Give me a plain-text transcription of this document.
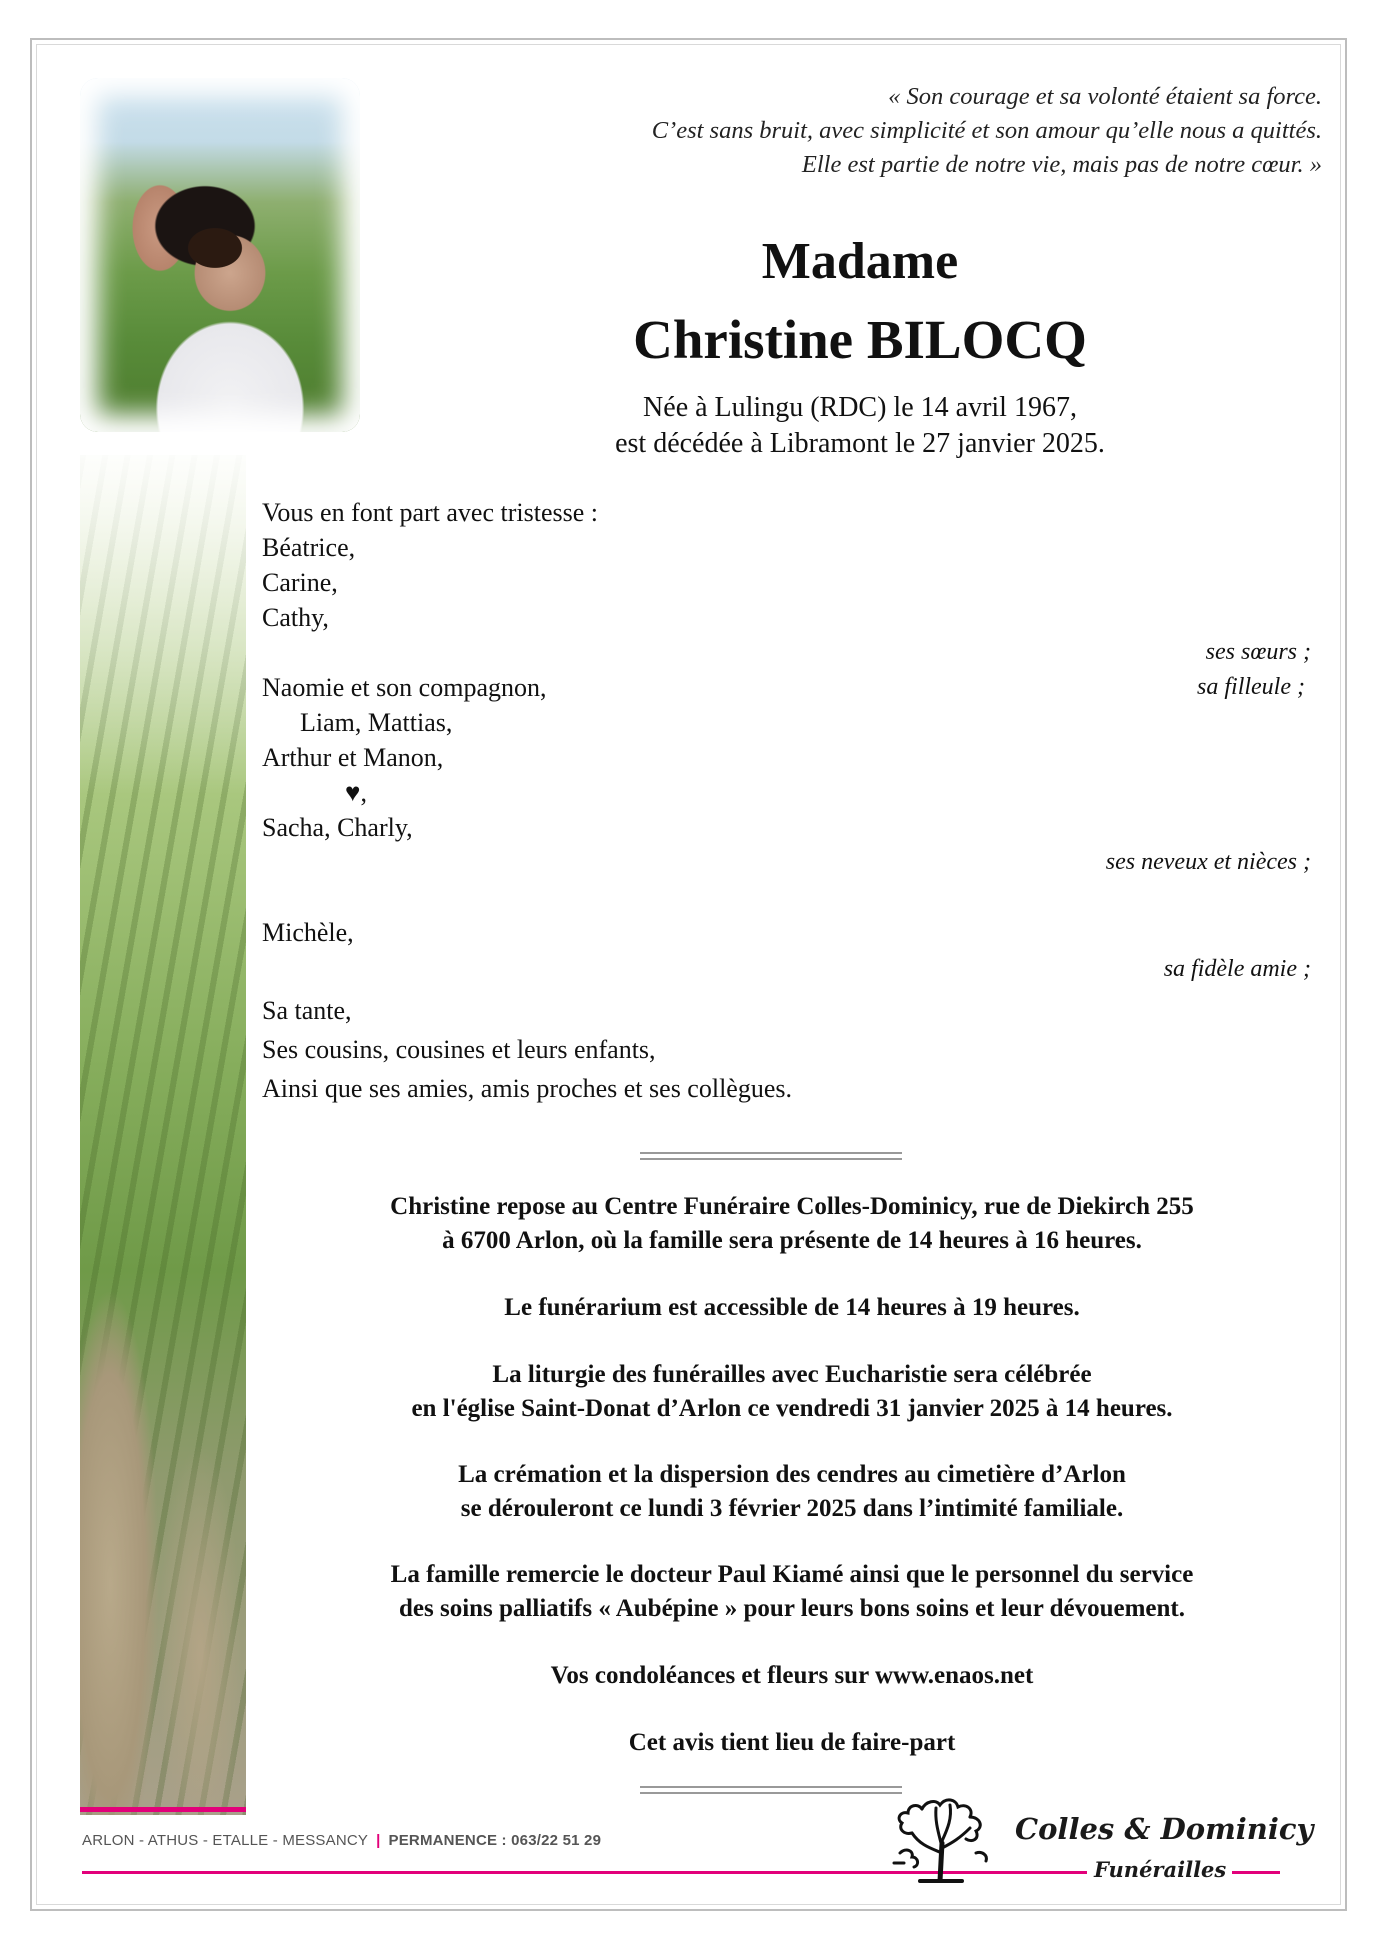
« Son courage et sa volonté étaient sa force.
C’est sans bruit, avec simplicité et son amour qu’elle nous a quittés.
Elle est partie de notre vie, mais pas de notre cœur. »
Madame
Christine BILOCQ
Née à Lulingu (RDC) le 14 avril 1967,
est décédée à Libramont le 27 janvier 2025.
Vous en font part avec tristesse :
Béatrice,
Carine,
Cathy,
ses sœurs ;
Naomie et son compagnon,	sa filleule ;
Liam, Mattias,
Arthur et Manon,
♥,
Sacha, Charly,
ses neveux et nièces ;
Michèle,
sa fidèle amie ;
Sa tante,
Ses cousins, cousines et leurs enfants,
Ainsi que ses amies, amis proches et ses collègues.
Christine repose au Centre Funéraire Colles-Dominicy, rue de Diekirch 255
à 6700 Arlon, où la famille sera présente de 14 heures à 16 heures.
Le funérarium est accessible de 14 heures à 19 heures.
La liturgie des funérailles avec Eucharistie sera célébrée
en l'église Saint-Donat d’Arlon ce vendredi 31 janvier 2025 à 14 heures.
La crémation et la dispersion des cendres au cimetière d’Arlon
se dérouleront ce lundi 3 février 2025 dans l’intimité familiale.
La famille remercie le docteur Paul Kiamé ainsi que le personnel du service
des soins palliatifs « Aubépine » pour leurs bons soins et leur dévouement.
Vos condoléances et fleurs sur www.enaos.net
Cet avis tient lieu de faire-part
ARLON - ATHUS - ETALLE - MESSANCY | PERMANENCE : 063/22 51 29	Colles & Dominicy
Funérailles
